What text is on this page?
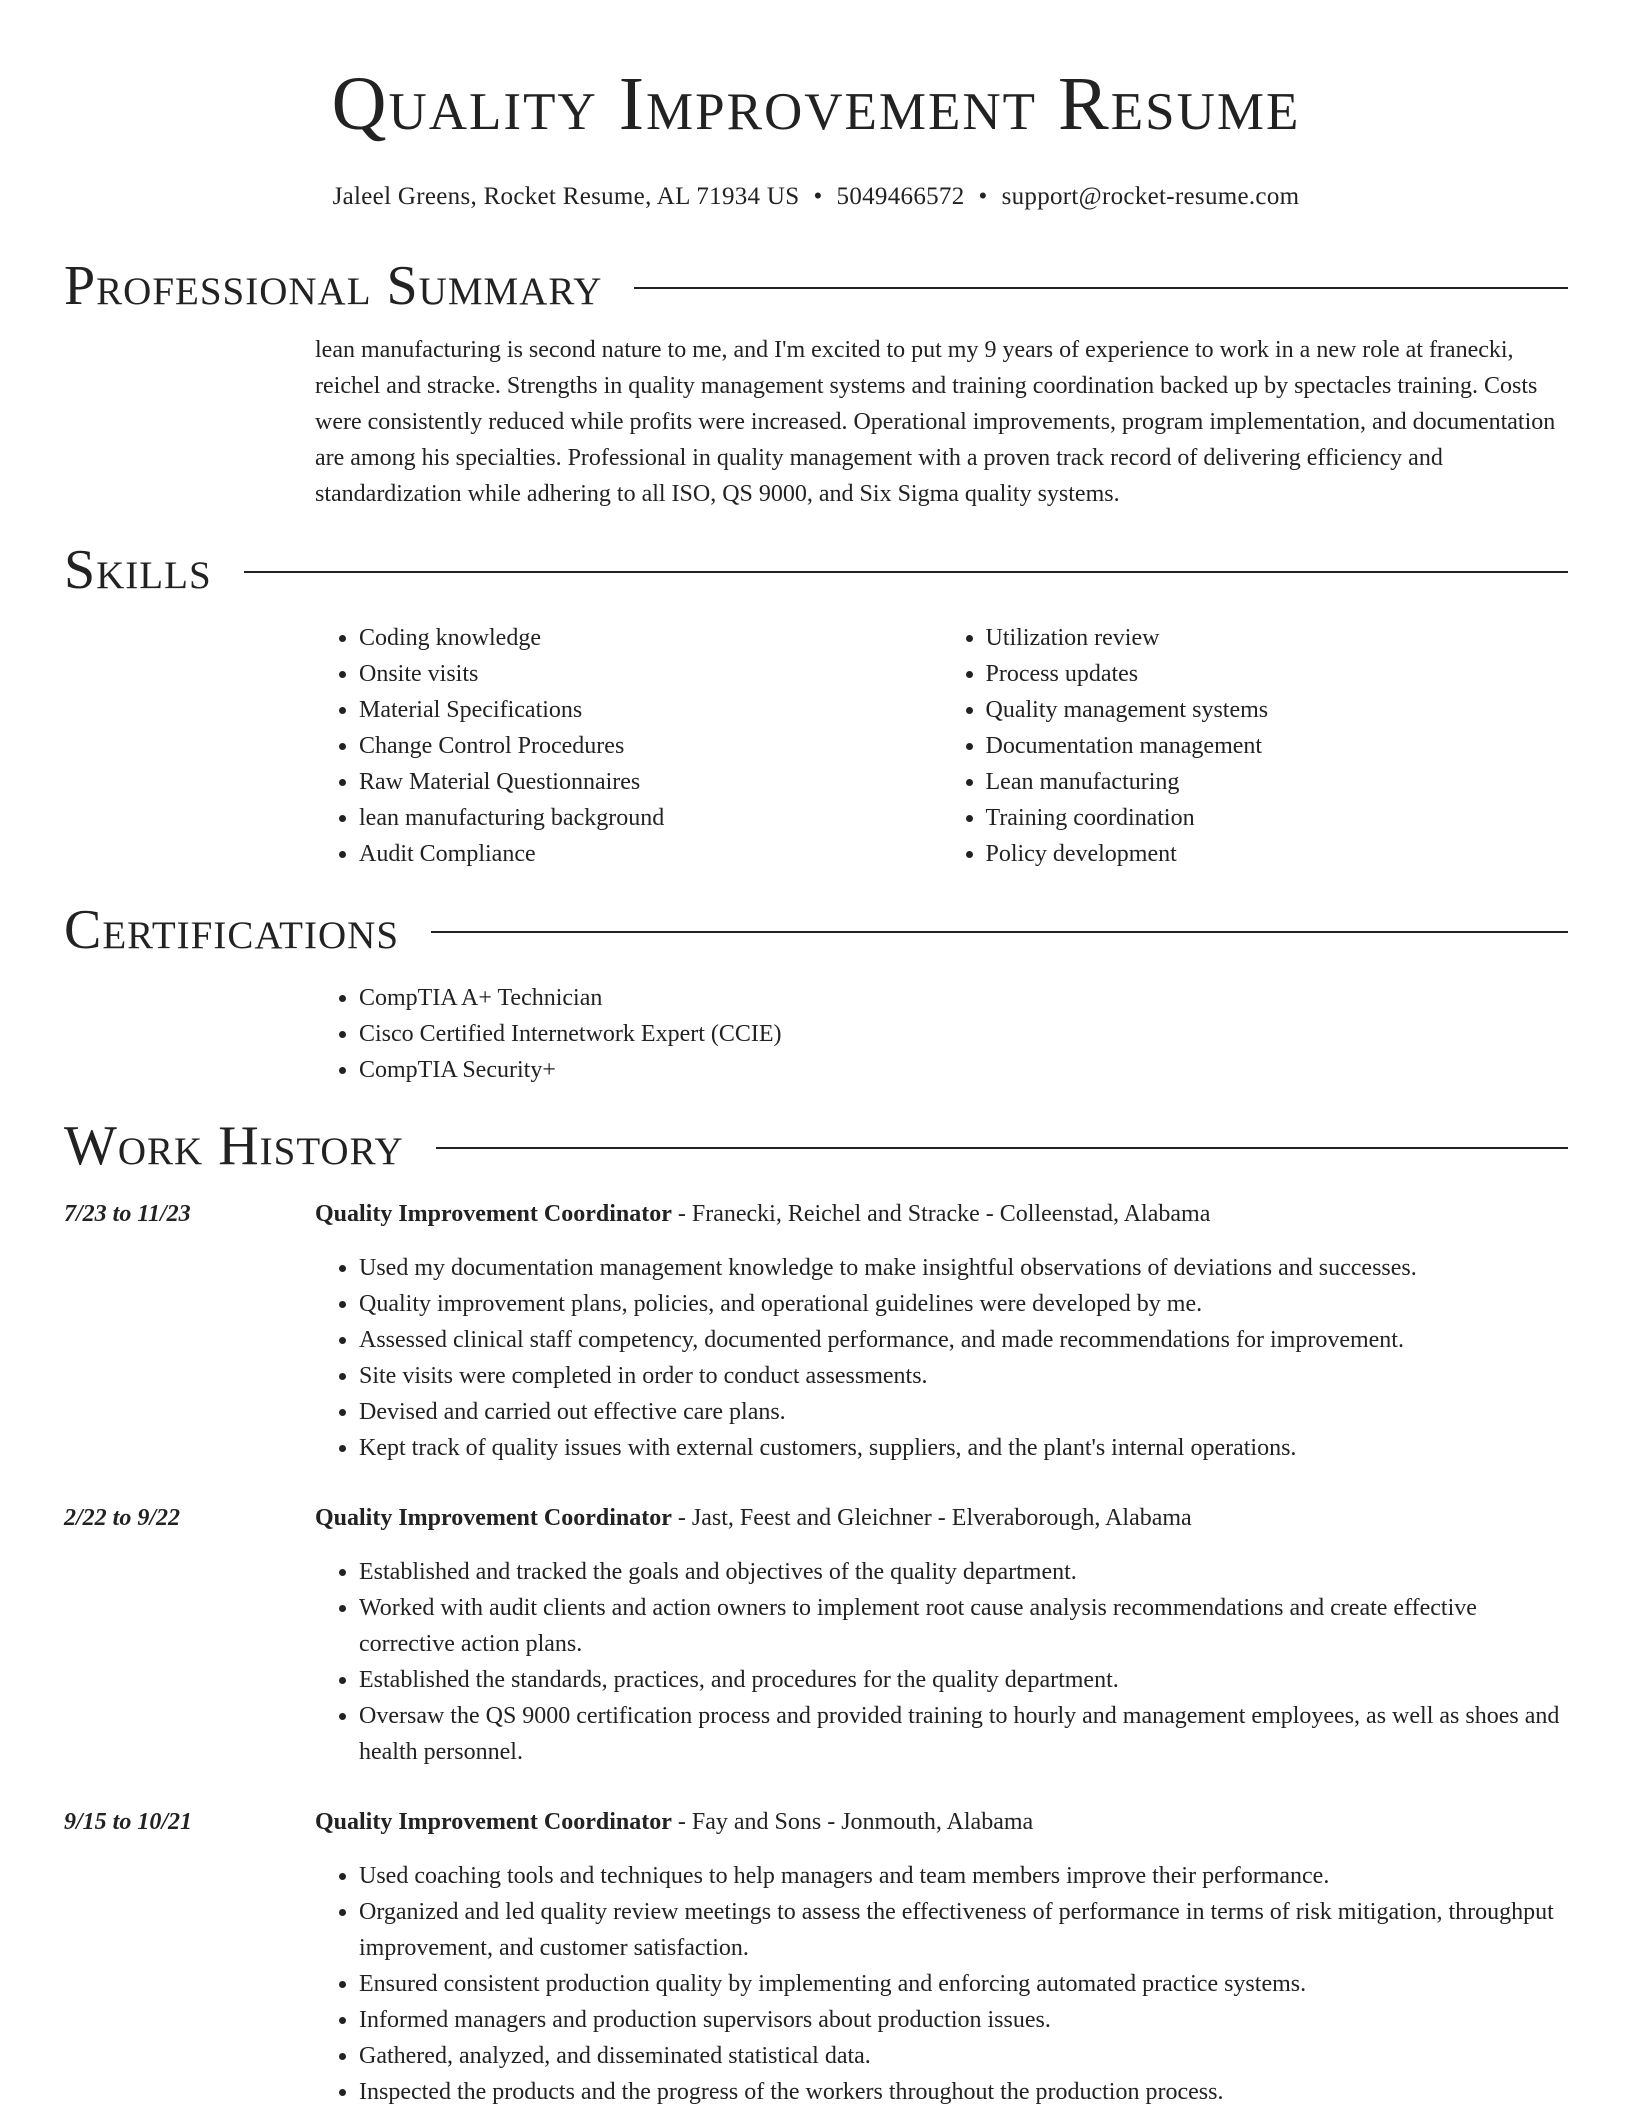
Quality Improvement Resume
Jaleel Greens, Rocket Resume, AL 71934 US • 5049466572 • support@rocket-resume.com
Professional Summary
lean manufacturing is second nature to me, and I'm excited to put my 9 years of experience to work in a new role at franecki, reichel and stracke. Strengths in quality management systems and training coordination backed up by spectacles training. Costs were consistently reduced while profits were increased. Operational improvements, program implementation, and documentation are among his specialties. Professional in quality management with a proven track record of delivering efficiency and standardization while adhering to all ISO, QS 9000, and Six Sigma quality systems.
Skills
• Coding knowledge
• Onsite visits
• Material Specifications
• Change Control Procedures
• Raw Material Questionnaires
• lean manufacturing background
• Audit Compliance
• Utilization review
• Process updates
• Quality management systems
• Documentation management
• Lean manufacturing
• Training coordination
• Policy development
Certifications
• CompTIA A+ Technician
• Cisco Certified Internetwork Expert (CCIE)
• CompTIA Security+
Work History
7/23 to 11/23	Quality Improvement Coordinator - Franecki, Reichel and Stracke - Colleenstad, Alabama
• Used my documentation management knowledge to make insightful observations of deviations and successes.
• Quality improvement plans, policies, and operational guidelines were developed by me.
• Assessed clinical staff competency, documented performance, and made recommendations for improvement.
• Site visits were completed in order to conduct assessments.
• Devised and carried out effective care plans.
• Kept track of quality issues with external customers, suppliers, and the plant's internal operations.
2/22 to 9/22	Quality Improvement Coordinator - Jast, Feest and Gleichner - Elveraborough, Alabama
• Established and tracked the goals and objectives of the quality department.
• Worked with audit clients and action owners to implement root cause analysis recommendations and create effective corrective action plans.
• Established the standards, practices, and procedures for the quality department.
• Oversaw the QS 9000 certification process and provided training to hourly and management employees, as well as shoes and health personnel.
9/15 to 10/21	Quality Improvement Coordinator - Fay and Sons - Jonmouth, Alabama
• Used coaching tools and techniques to help managers and team members improve their performance.
• Organized and led quality review meetings to assess the effectiveness of performance in terms of risk mitigation, throughput improvement, and customer satisfaction.
• Ensured consistent production quality by implementing and enforcing automated practice systems.
• Informed managers and production supervisors about production issues.
• Gathered, analyzed, and disseminated statistical data.
• Inspected the products and the progress of the workers throughout the production process.
